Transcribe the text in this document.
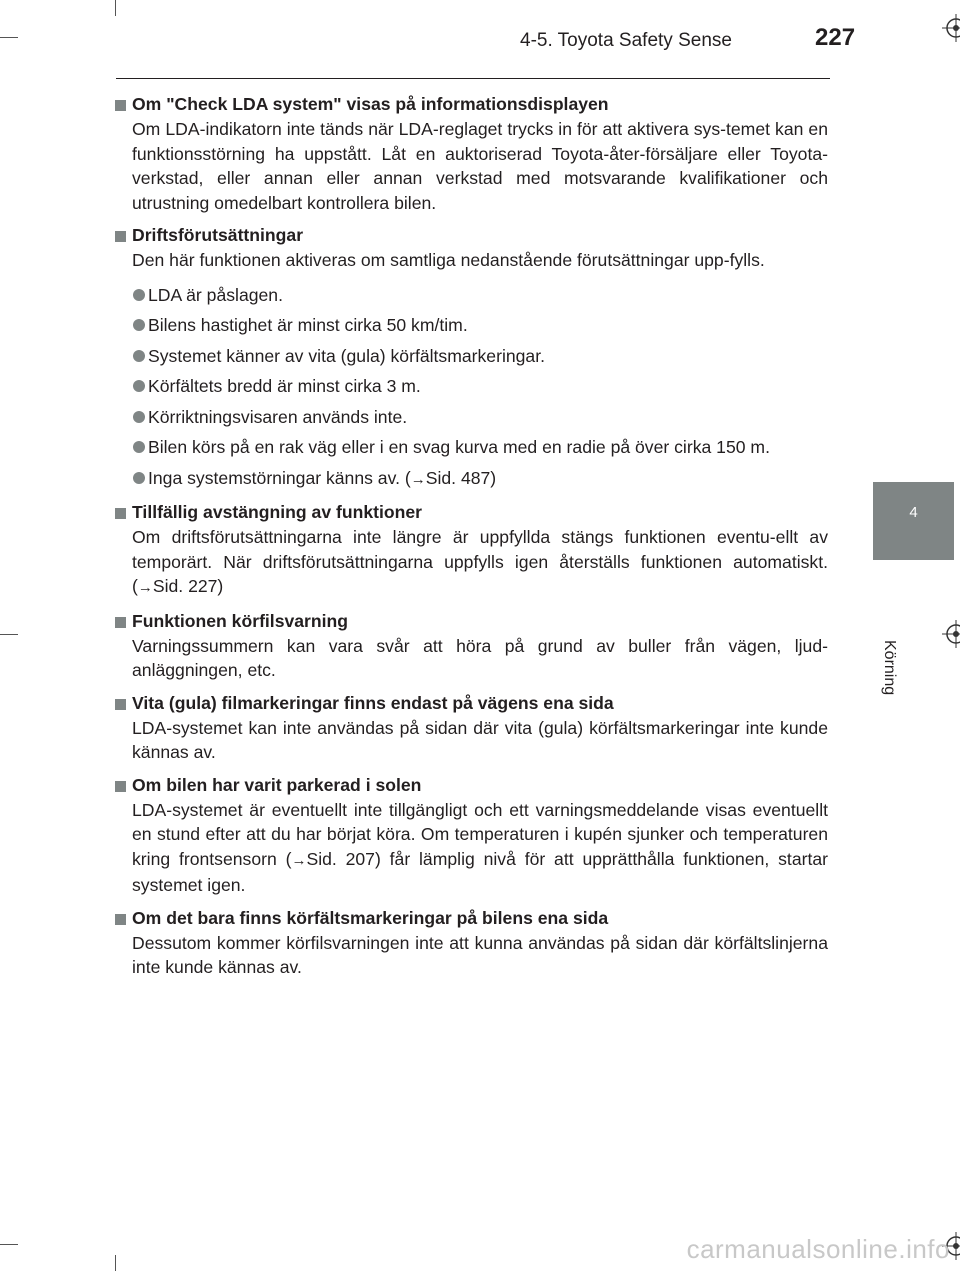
4-5. Toyota Safety Sense	227
4
Körning
Om "Check LDA system" visas på informationsdisplayen
Om LDA-indikatorn inte tänds när LDA-reglaget trycks in för att aktivera sys-temet kan en funktionsstörning ha uppstått. Låt en auktoriserad Toyota-åter-försäljare eller Toyota-verkstad, eller annan eller annan verkstad med motsvarande kvalifikationer och utrustning omedelbart kontrollera bilen.
Driftsförutsättningar
Den här funktionen aktiveras om samtliga nedanstående förutsättningar upp-fylls.
LDA är påslagen.
Bilens hastighet är minst cirka 50 km/tim.
Systemet känner av vita (gula) körfältsmarkeringar.
Körfältets bredd är minst cirka 3 m.
Körriktningsvisaren används inte.
Bilen körs på en rak väg eller i en svag kurva med en radie på över cirka 150 m.
Inga systemstörningar känns av. (→Sid. 487)
Tillfällig avstängning av funktioner
Om driftsförutsättningarna inte längre är uppfyllda stängs funktionen eventu-ellt av temporärt. När driftsförutsättningarna uppfylls igen återställs funktionen automatiskt. (→Sid. 227)
Funktionen körfilsvarning
Varningssummern kan vara svår att höra på grund av buller från vägen, ljud-anläggningen, etc.
Vita (gula) filmarkeringar finns endast på vägens ena sida
LDA-systemet kan inte användas på sidan där vita (gula) körfältsmarkeringar inte kunde kännas av.
Om bilen har varit parkerad i solen
LDA-systemet är eventuellt inte tillgängligt och ett varningsmeddelande visas eventuellt en stund efter att du har börjat köra. Om temperaturen i kupén sjunker och temperaturen kring frontsensorn (→Sid. 207) får lämplig nivå för att upprätthålla funktionen, startar systemet igen.
Om det bara finns körfältsmarkeringar på bilens ena sida
Dessutom kommer körfilsvarningen inte att kunna användas på sidan där körfältslinjerna inte kunde kännas av.
carmanualsonline.info
